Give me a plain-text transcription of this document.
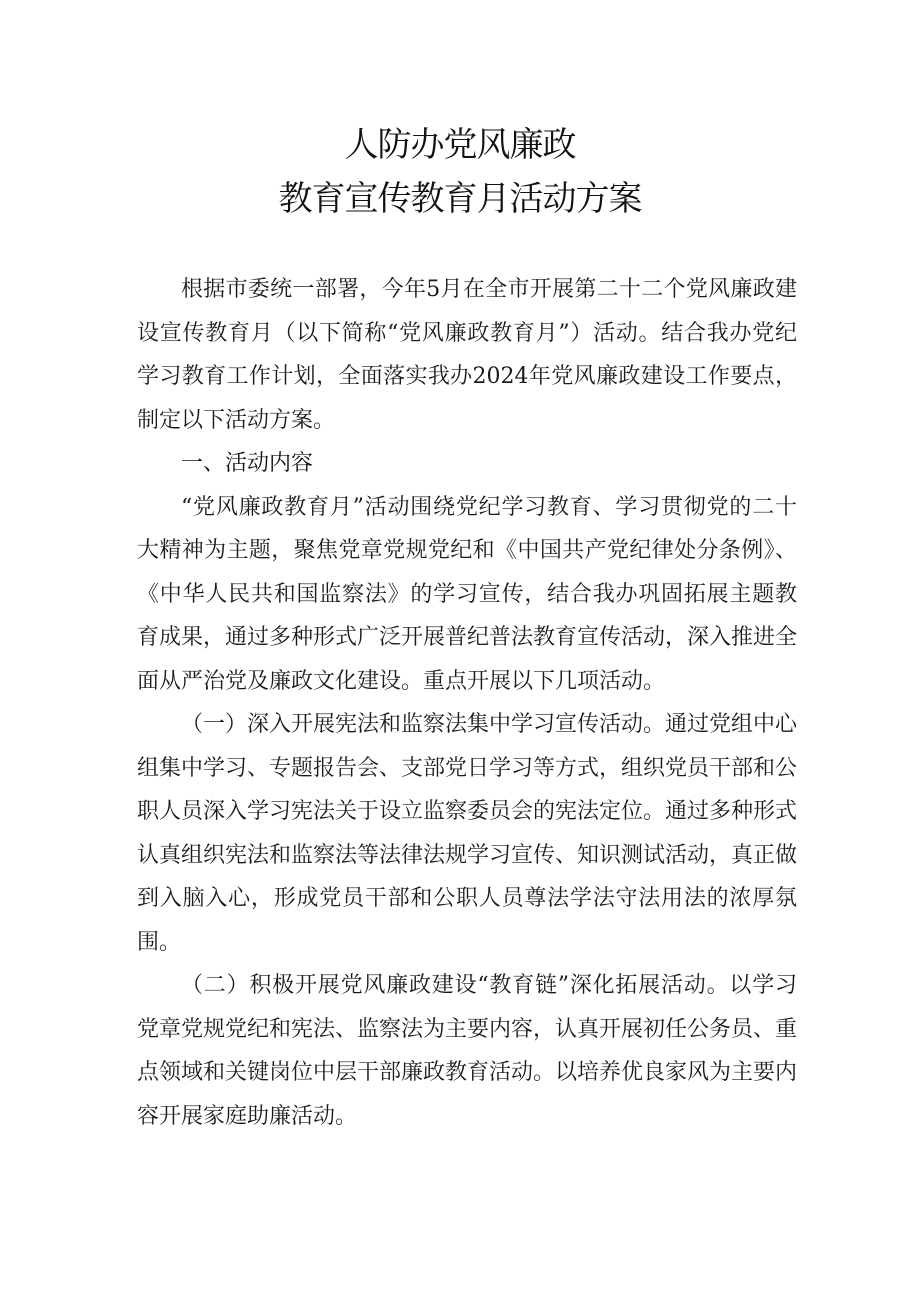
人防办党风廉政
教育宣传教育月活动方案

根据市委统一部署，今年5月在全市开展第二十二个党风廉政建设宣传教育月（以下简称“党风廉政教育月”）活动。结合我办党纪学习教育工作计划，全面落实我办2024年党风廉政建设工作要点，制定以下活动方案。

一、活动内容

“党风廉政教育月”活动围绕党纪学习教育、学习贯彻党的二十大精神为主题，聚焦党章党规党纪和《中国共产党纪律处分条例》、《中华人民共和国监察法》的学习宣传，结合我办巩固拓展主题教育成果，通过多种形式广泛开展普纪普法教育宣传活动，深入推进全面从严治党及廉政文化建设。重点开展以下几项活动。

（一）深入开展宪法和监察法集中学习宣传活动。通过党组中心组集中学习、专题报告会、支部党日学习等方式，组织党员干部和公职人员深入学习宪法关于设立监察委员会的宪法定位。通过多种形式认真组织宪法和监察法等法律法规学习宣传、知识测试活动，真正做到入脑入心，形成党员干部和公职人员尊法学法守法用法的浓厚氛围。

（二）积极开展党风廉政建设“教育链”深化拓展活动。以学习党章党规党纪和宪法、监察法为主要内容，认真开展初任公务员、重点领域和关键岗位中层干部廉政教育活动。以培养优良家风为主要内容开展家庭助廉活动。
